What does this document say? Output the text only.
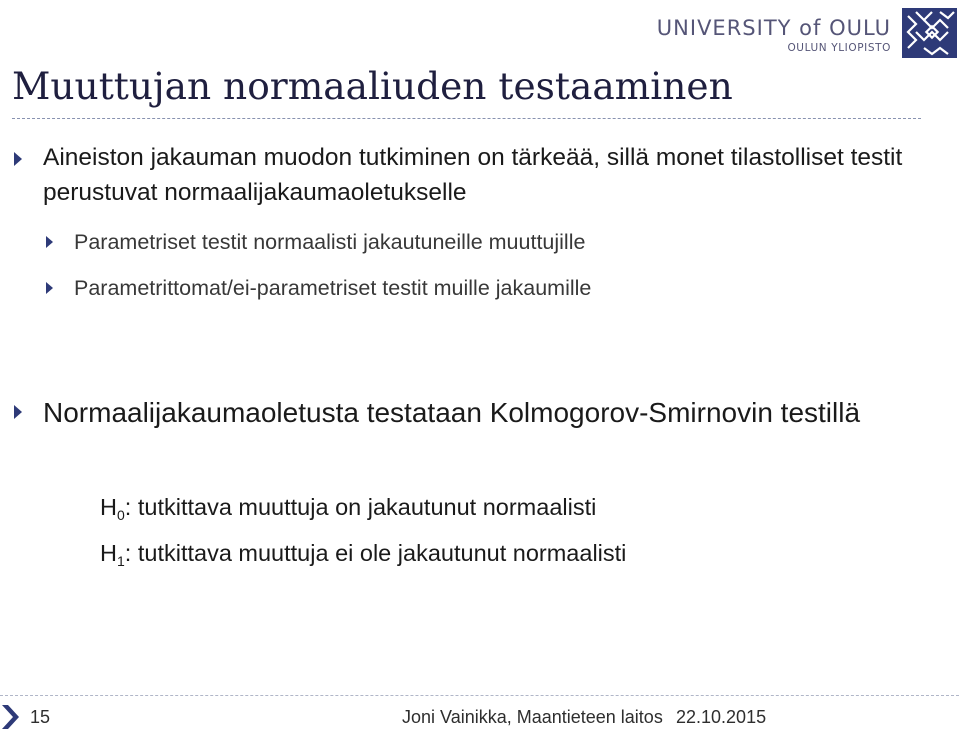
UNIVERSITY of OULU
OULUN YLIOPISTO
Muuttujan normaaliuden testaaminen
Aineiston jakauman muodon tutkiminen on tärkeää, sillä monet tilastolliset testit perustuvat normaalijakaumaoletukselle
Parametriset testit normaalisti jakautuneille muuttujille
Parametrittomat/ei-parametriset testit muille jakaumille
Normaalijakaumaoletusta testataan Kolmogorov-Smirnovin testillä
$H_0$: tutkittava muuttuja on jakautunut normaalisti
$H_1$: tutkittava muuttuja ei ole jakautunut normaalisti
15	Joni Vainikka, Maantieteen laitos 22.10.2015
